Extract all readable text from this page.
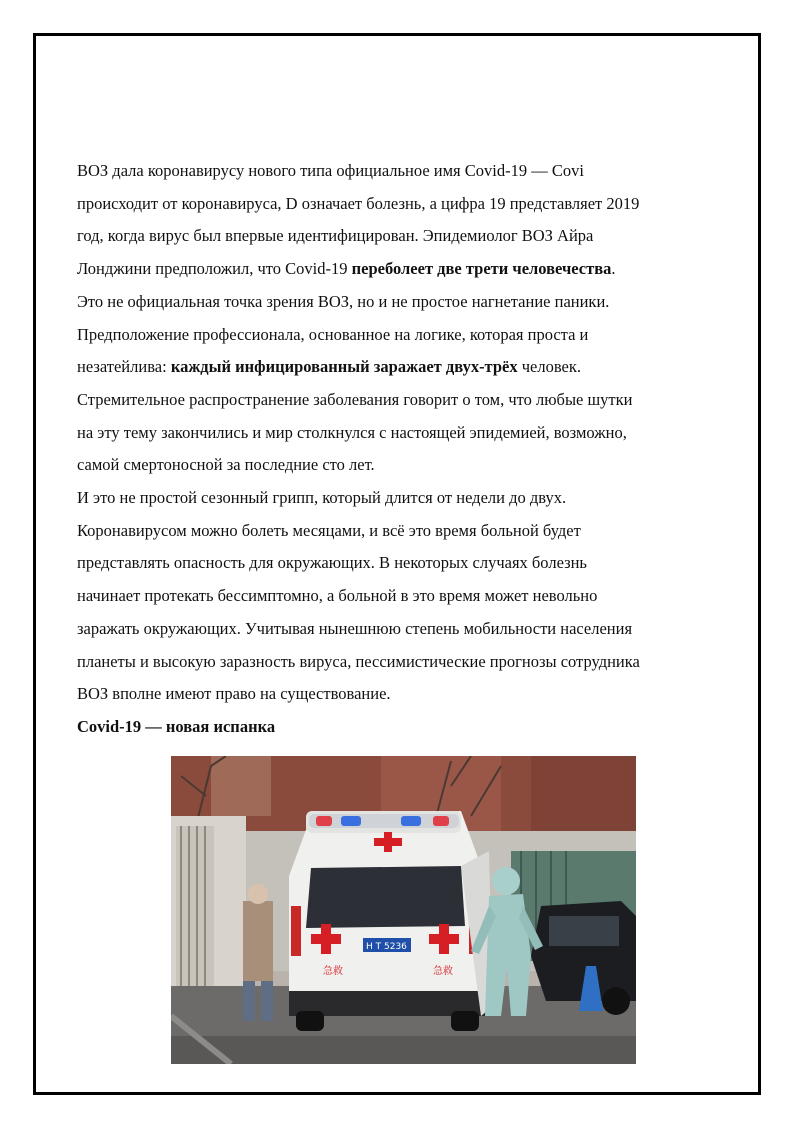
ВОЗ дала коронавирусу нового типа официальное имя Covid-19 — Covi
происходит от коронавируса, D означает болезнь, а цифра 19 представляет 2019
год, когда вирус был впервые идентифицирован. Эпидемиолог ВОЗ Айра
Лонджини предположил, что Covid-19 переболеет две трети человечества.
Это не официальная точка зрения ВОЗ, но и не простое нагнетание паники.
Предположение профессионала, основанное на логике, которая проста и
незатейлива: каждый инфицированный заражает двух-трёх человек.
Стремительное распространение заболевания говорит о том, что любые шутки
на эту тему закончились и мир столкнулся с настоящей эпидемией, возможно,
самой смертоносной за последние сто лет.

И это не простой сезонный грипп, который длится от недели до двух.
Коронавирусом можно болеть месяцами, и всё это время больной будет
представлять опасность для окружающих. В некоторых случаях болезнь
начинает протекать бессимптомно, а больной в это время может невольно
заражать окружающих. Учитывая нынешнюю степень мобильности населения
планеты и высокую заразность вируса, пессимистические прогнозы сотрудника
ВОЗ вполне имеют право на существование.

Covid-19 — новая испанка
急救	急救
H T 5236
